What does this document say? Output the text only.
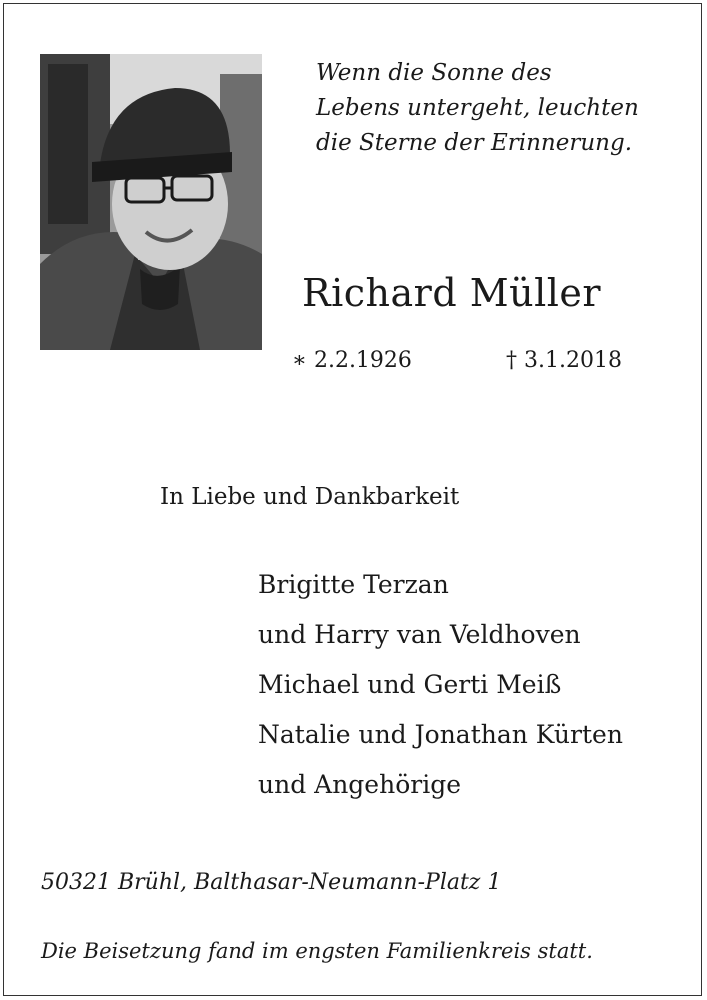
Wenn die Sonne des
Lebens untergeht, leuchten
die Sterne der Erinnerung.
Richard Müller
∗ 2.2.1926	† 3.1.2018
In Liebe und Dankbarkeit
Brigitte Terzan
und Harry van Veldhoven
Michael und Gerti Meiß
Natalie und Jonathan Kürten
und Angehörige
50321 Brühl, Balthasar-Neumann-Platz 1
Die Beisetzung fand im engsten Familienkreis statt.
